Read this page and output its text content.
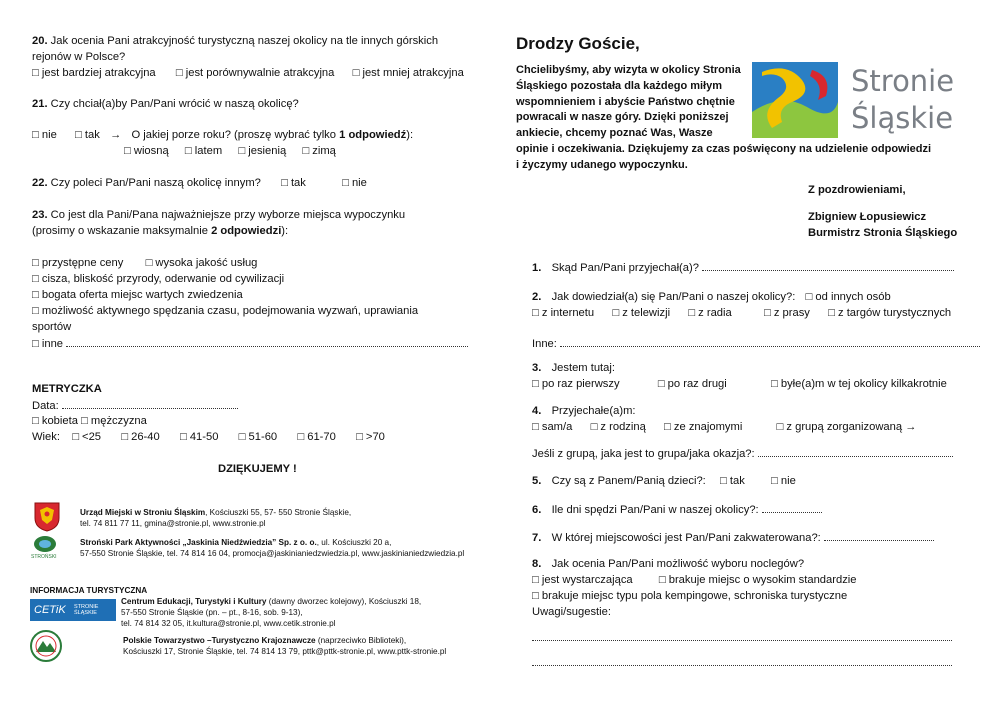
20. Jak ocenia Pani atrakcyjność turystyczną naszej okolicy na tle innych górskich
rejonów w Polsce?
□ jest bardziej atrakcyjna □ jest porównywalnie atrakcyjna □ jest mniej atrakcyjna
21. Czy chciał(a)by Pan/Pani wrócić w naszą okolicę?
□ nie □ tak → O jakiej porze roku? (proszę wybrać tylko 1 odpowiedź):
□ wiosną □ latem □ jesienią □ zimą
22. Czy poleci Pan/Pani naszą okolicę innym? □ tak	□ nie
23. Co jest dla Pani/Pana najważniejsze przy wyborze miejsca wypoczynku
(prosimy o wskazanie maksymalnie 2 odpowiedzi):
□ przystępne ceny □ wysoka jakość usług
□ cisza, bliskość przyrody, oderwanie od cywilizacji
□ bogata oferta miejsc wartych zwiedzenia
□ możliwość aktywnego spędzania czasu, podejmowania wyzwań, uprawiania
sportów
□ inne
METRYCZKA
Data:
□ kobieta □ mężczyzna
Wiek: □ <25 □ 26-40 □ 41-50 □ 51-60 □ 61-70 □ >70
DZIĘKUJEMY !
Urząd Miejski w Stroniu Śląskim, Kościuszki 55, 57- 550 Stronie Śląskie,
tel. 74 811 77 11, gmina@stronie.pl, www.stronie.pl
STROŃSKI
Stroński Park Aktywności „Jaskinia Niedźwiedzia” Sp. z o. o., ul. Kościuszki 20 a,
57-550 Stronie Śląskie, tel. 74 814 16 04, promocja@jaskinianiedzwiedzia.pl, www.jaskinianiedzwiedzia.pl
INFORMACJA TURYSTYCZNA
CETiK	STRONIE
ŚLĄSKIE
Centrum Edukacji, Turystyki i Kultury (dawny dworzec kolejowy), Kościuszki 18,
57-550 Stronie Śląskie (pn. – pt., 8-16, sob. 9-13),
tel. 74 814 32 05, it.kultura@stronie.pl, www.cetik.stronie.pl
Polskie Towarzystwo –Turystyczno Krajoznawcze (naprzeciwko Biblioteki),
Kościuszki 17, Stronie Śląskie, tel. 74 814 13 79, pttk@pttk-stronie.pl, www.pttk-stronie.pl
Drodzy Goście,
Chcielibyśmy, aby wizyta w okolicy Stronia
Śląskiego pozostała dla każdego miłym
wspomnieniem i abyście Państwo chętnie
powracali w nasze góry. Dzięki poniższej
ankiecie, chcemy poznać Was, Wasze
opinie i oczekiwania. Dziękujemy za czas poświęcony na udzielenie odpowiedzi
i życzymy udanego wypoczynku.
Stronie
Śląskie
Z pozdrowieniami,
Zbigniew Łopusiewicz
Burmistrz Stronia Śląskiego
1. Skąd Pan/Pani przyjechał(a)?
2. Jak dowiedział(a) się Pan/Pani o naszej okolicy?: □ od innych osób
□ z internetu □ z telewizji □ z radia	□ z prasy □ z targów turystycznych
Inne:
3. Jestem tutaj:
□ po raz pierwszy	□ po raz drugi	□ byłe(a)m w tej okolicy kilkakrotnie
4. Przyjechałe(a)m:
□ sam/a □ z rodziną □ ze znajomymi	□ z grupą zorganizowaną →
Jeśli z grupą, jaka jest to grupa/jaka okazja?:
5. Czy są z Panem/Panią dzieci?: □ tak □ nie
6. Ile dni spędzi Pan/Pani w naszej okolicy?:
7. W której miejscowości jest Pan/Pani zakwaterowana?:
8. Jak ocenia Pan/Pani możliwość wyboru noclegów?
□ jest wystarczająca □ brakuje miejsc o wysokim standardzie
□ brakuje miejsc typu pola kempingowe, schroniska turystyczne
Uwagi/sugestie:
